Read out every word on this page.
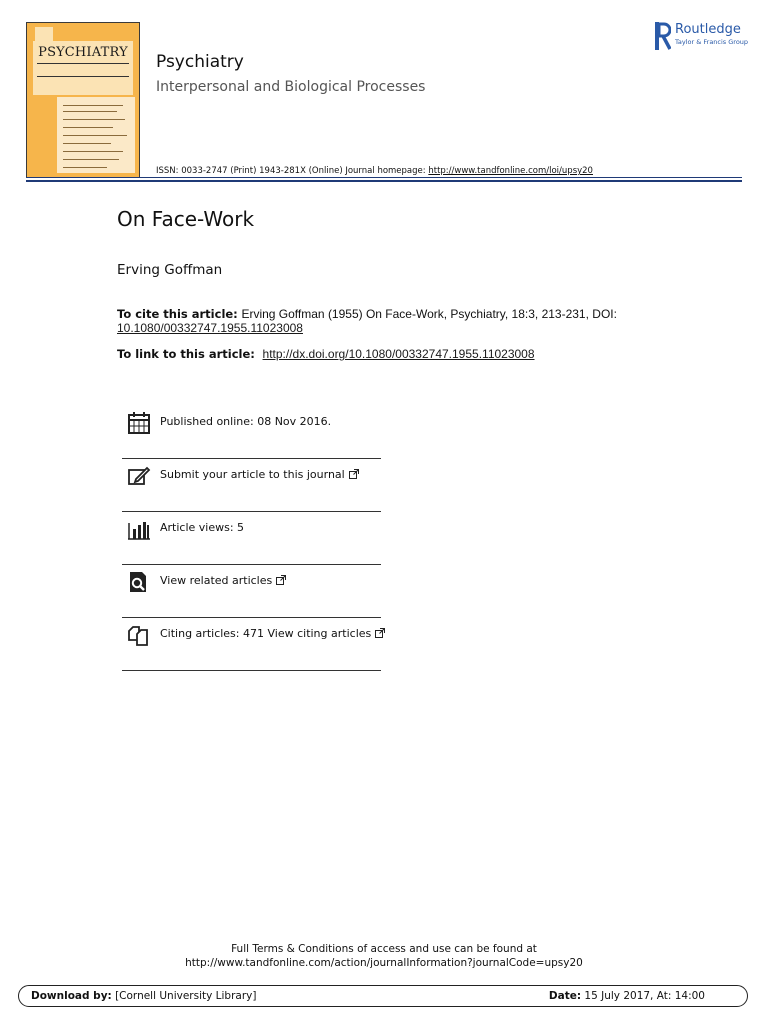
PSYCHIATRY Psychiatry
Interpersonal and Biological Processes
ISSN: 0033-2747 (Print) 1943-281X (Online) Journal homepage: http://www.tandfonline.com/loi/upsy20
Routledge
Taylor & Francis Group
On Face-Work
Erving Goffman
To cite this article: Erving Goffman (1955) On Face-Work, Psychiatry, 18:3, 213-231, DOI:
10.1080/00332747.1955.11023008
To link to this article: http://dx.doi.org/10.1080/00332747.1955.11023008
Published online: 08 Nov 2016.
Submit your article to this journal
Article views: 5
View related articles
Citing articles: 471 View citing articles
Full Terms & Conditions of access and use can be found at
http://www.tandfonline.com/action/journalInformation?journalCode=upsy20
Download by: [Cornell University Library]	Date: 15 July 2017, At: 14:00
